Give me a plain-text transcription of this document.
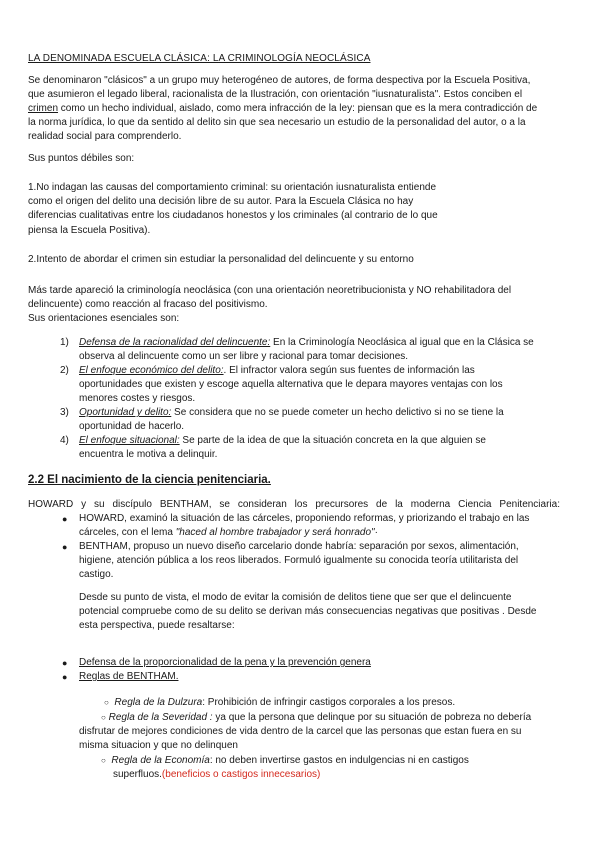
LA DENOMINADA ESCUELA CLÁSICA: LA CRIMINOLOGÍA NEOCLÁSICA
Se denominaron "clásicos" a un grupo muy heterogéneo de autores, de forma despectiva por la Escuela Positiva,
que asumieron el legado liberal, racionalista de la Ilustración, con orientación "iusnaturalista". Estos conciben el
crimen como un hecho individual, aislado, como mera infracción de la ley: piensan que es la mera contradicción de
la norma jurídica, lo que da sentido al delito sin que sea necesario un estudio de la personalidad del autor, o a la
realidad social para comprenderlo.
Sus puntos débiles son:
1.No indagan las causas del comportamiento criminal: su orientación iusnaturalista entiende
como el origen del delito una decisión libre de su autor. Para la Escuela Clásica no hay
diferencias cualitativas entre los ciudadanos honestos y los criminales (al contrario de lo que
piensa la Escuela Positiva).
2.Intento de abordar el crimen sin estudiar la personalidad del delincuente y su entorno
Más tarde apareció la criminología neoclásica (con una orientación neoretribucionista y NO rehabilitadora del
delincuente) como reacción al fracaso del positivismo.
Sus orientaciones esenciales son:
1) Defensa de la racionalidad del delincuente: En la Criminología Neoclásica al igual que en la Clásica se
observa al delincuente como un ser libre y racional para tomar decisiones.
2) El enfoque económico del delito:. El infractor valora según sus fuentes de información las
oportunidades que existen y escoge aquella alternativa que le depara mayores ventajas con los
menores costes y riesgos.
3) Oportunidad y delito: Se considera que no se puede cometer un hecho delictivo si no se tiene la
oportunidad de hacerlo.
4) El enfoque situacional: Se parte de la idea de que la situación concreta en la que alguien se
encuentra le motiva a delinquir.
2.2 El nacimiento de la ciencia penitenciaria.
HOWARD y su discípulo BENTHAM, se consideran los precursores de la moderna Ciencia Penitenciaria:
● HOWARD, examinó la situación de las cárceles, proponiendo reformas, y priorizando el trabajo en las
cárceles, con el lema "haced al hombre trabajador y será honrado"·
● BENTHAM, propuso un nuevo diseño carcelario donde habría: separación por sexos, alimentación,
higiene, atención pública a los reos liberados. Formuló igualmente su conocida teoría utilitarista del
castigo.
Desde su punto de vista, el modo de evitar la comisión de delitos tiene que ser que el delincuente
potencial compruebe como de su delito se derivan más consecuencias negativas que positivas . Desde
esta perspectiva, puede resaltarse:
● Defensa de la proporcionalidad de la pena y la prevención genera
● Reglas de BENTHAM.
○ Regla de la Dulzura: Prohibición de infringir castigos corporales a los presos.
○ Regla de la Severidad : ya que la persona que delinque por su situación de pobreza no debería
disfrutar de mejores condiciones de vida dentro de la carcel que las personas que estan fuera en su
misma situacion y que no delinquen
○ Regla de la Economía: no deben invertirse gastos en indulgencias ni en castigos
superfluos.(beneficios o castigos innecesarios)
